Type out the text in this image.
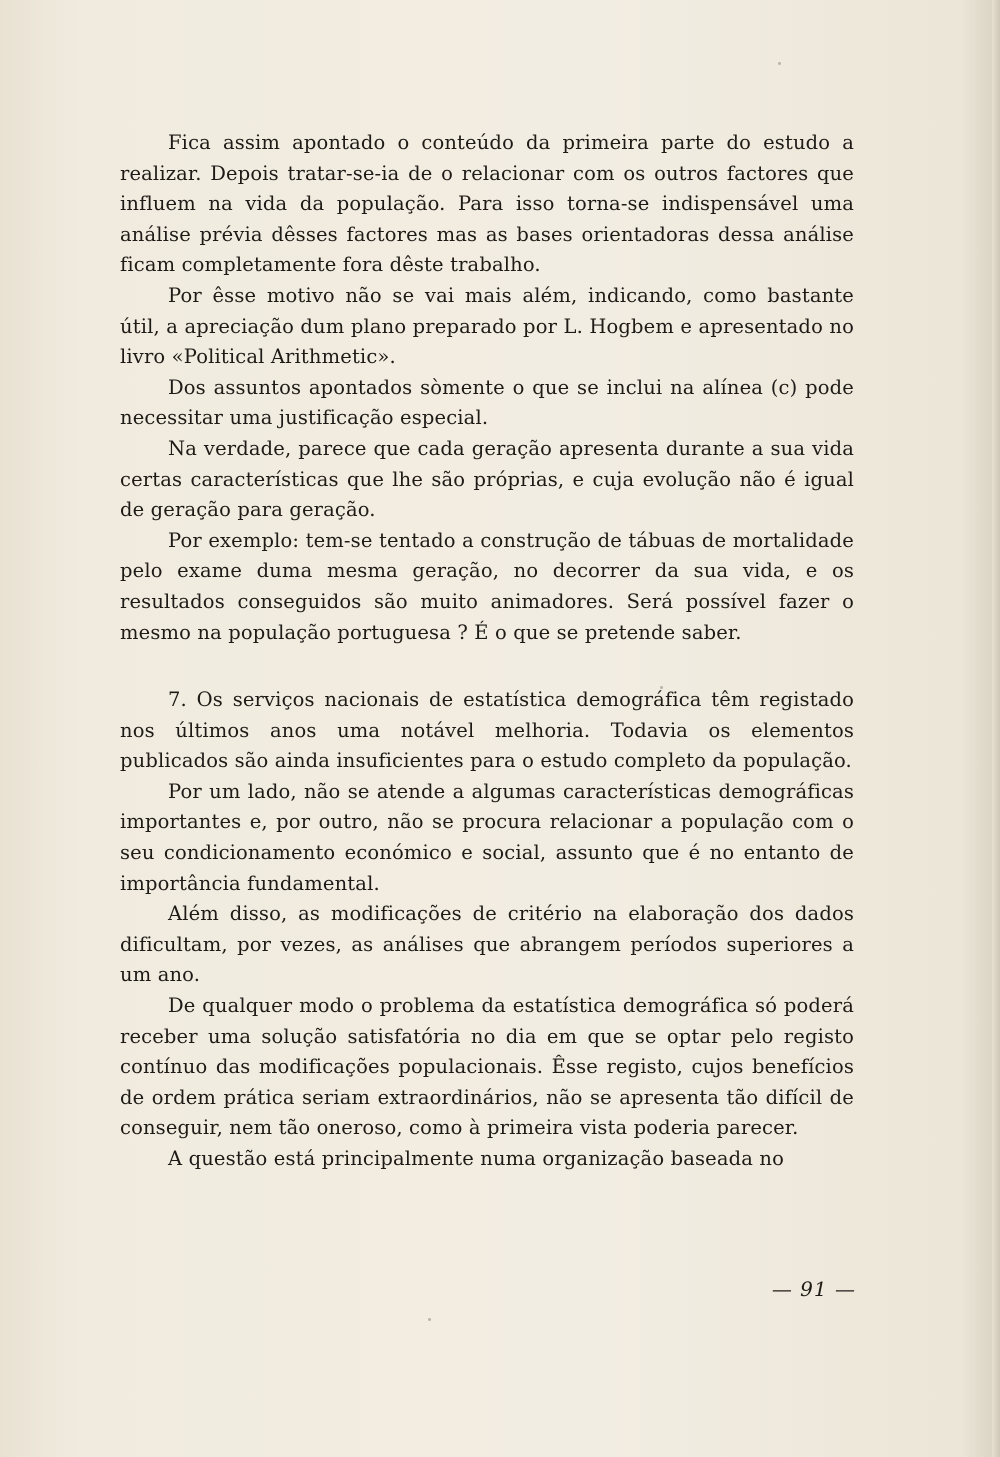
Fica assim apontado o conteúdo da primeira parte do estudo a realizar. Depois tratar-se-ia de o relacionar com os outros factores que influem na vida da população. Para isso torna-se indispensável uma análise prévia dêsses factores mas as bases orientadoras dessa análise ficam completamente fora dêste trabalho.

Por êsse motivo não se vai mais além, indicando, como bastante útil, a apreciação dum plano preparado por L. Hogbem e apresentado no livro «Political Arithmetic».

Dos assuntos apontados sòmente o que se inclui na alínea (c) pode necessitar uma justificação especial.

Na verdade, parece que cada geração apresenta durante a sua vida certas características que lhe são próprias, e cuja evolução não é igual de geração para geração.

Por exemplo: tem-se tentado a construção de tábuas de mortalidade pelo exame duma mesma geração, no decorrer da sua vida, e os resultados conseguidos são muito animadores. Será possível fazer o mesmo na população portuguesa ? É o que se pretende saber.

7. Os serviços nacionais de estatística demográfica têm registado nos últimos anos uma notável melhoria. Todavia os elementos publicados são ainda insuficientes para o estudo completo da população.

Por um lado, não se atende a algumas características demográficas importantes e, por outro, não se procura relacionar a população com o seu condicionamento económico e social, assunto que é no entanto de importância fundamental.

Além disso, as modificações de critério na elaboração dos dados dificultam, por vezes, as análises que abrangem períodos superiores a um ano.

De qualquer modo o problema da estatística demográfica só poderá receber uma solução satisfatória no dia em que se optar pelo registo contínuo das modificações populacionais. Êsse registo, cujos benefícios de ordem prática seriam extraordinários, não se apresenta tão difícil de conseguir, nem tão oneroso, como à primeira vista poderia parecer.

A questão está principalmente numa organização baseada no

— 91 —
